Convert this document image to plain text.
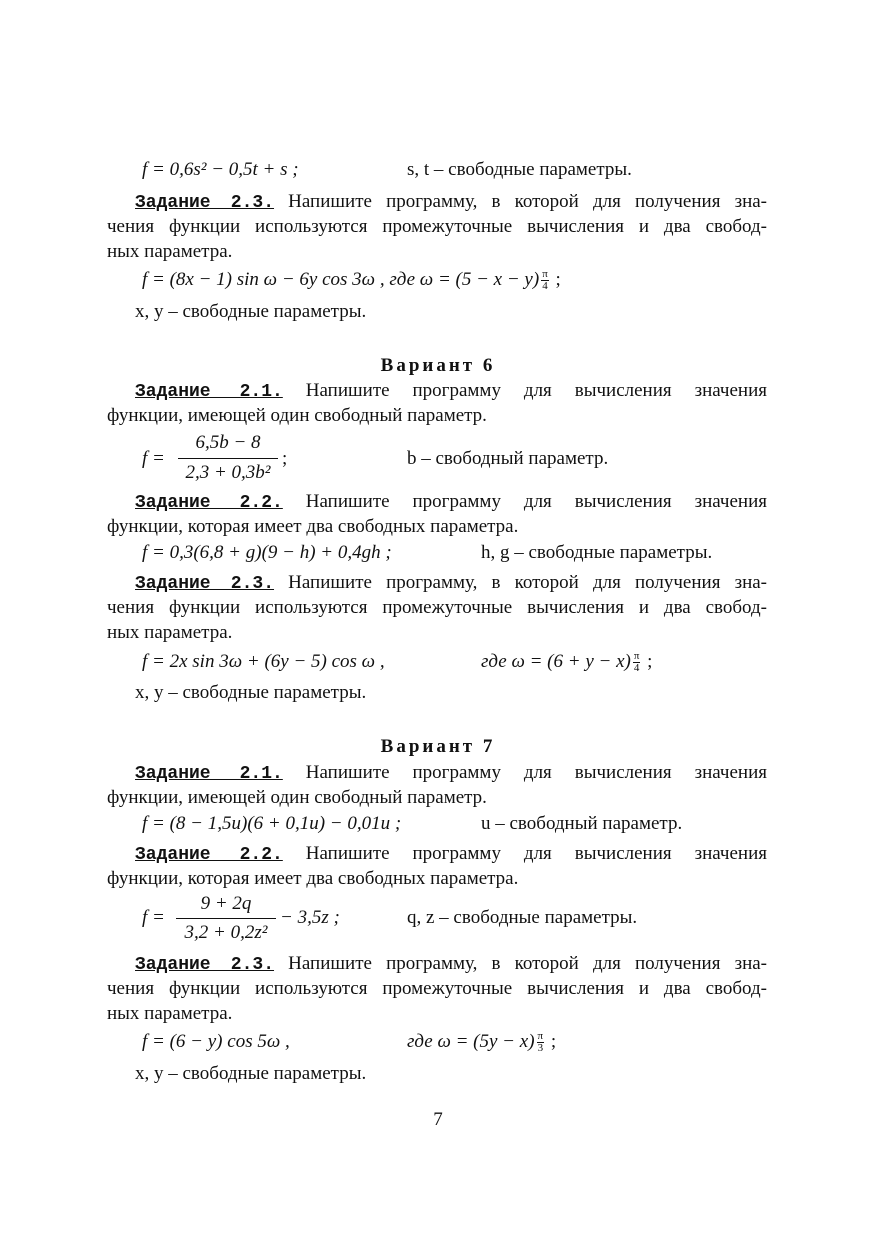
f = 0,6s² − 0,5t + s ;	s, t – свободные параметры.
Задание 2.3. Напишите программу, в которой для получения зна-
чения функции используются промежуточные вычисления и два свобод-
ных параметра.
f = (8x − 1) sin ω − 6y cos 3ω , где $\omega = (5 - x - y) \frac{\pi}{4}$ ;
x, y – свободные параметры.
Вариант 6
Задание 2.1. Напишите программу для вычисления значения
функции, имеющей один свободный параметр.
f =
6,5b − 8
2,3 + 0,3b²
;	b – свободный параметр.
Задание 2.2. Напишите программу для вычисления значения
функции, которая имеет два свободных параметра.
f = 0,3(6,8 + g)(9 − h) + 0,4gh ;	h, g – свободные параметры.
Задание 2.3. Напишите программу, в которой для получения зна-
чения функции используются промежуточные вычисления и два свобод-
ных параметра.
f = 2x sin 3ω + (6y − 5) cos ω ,	где $\omega = (6 + y - x) \frac{\pi}{4}$ ;
x, y – свободные параметры.
Вариант 7
Задание 2.1. Напишите программу для вычисления значения
функции, имеющей один свободный параметр.
f = (8 − 1,5u)(6 + 0,1u) − 0,01u ;	u – свободный параметр.
Задание 2.2. Напишите программу для вычисления значения
функции, которая имеет два свободных параметра.
f =
9 + 2q
3,2 + 0,2z²
− 3,5z ;	q, z – свободные параметры.
Задание 2.3. Напишите программу, в которой для получения зна-
чения функции используются промежуточные вычисления и два свобод-
ных параметра.
f = (6 − y) cos 5ω ,	где $\omega = (5y - x) \frac{\pi}{3}$ ;
x, y – свободные параметры.
7
